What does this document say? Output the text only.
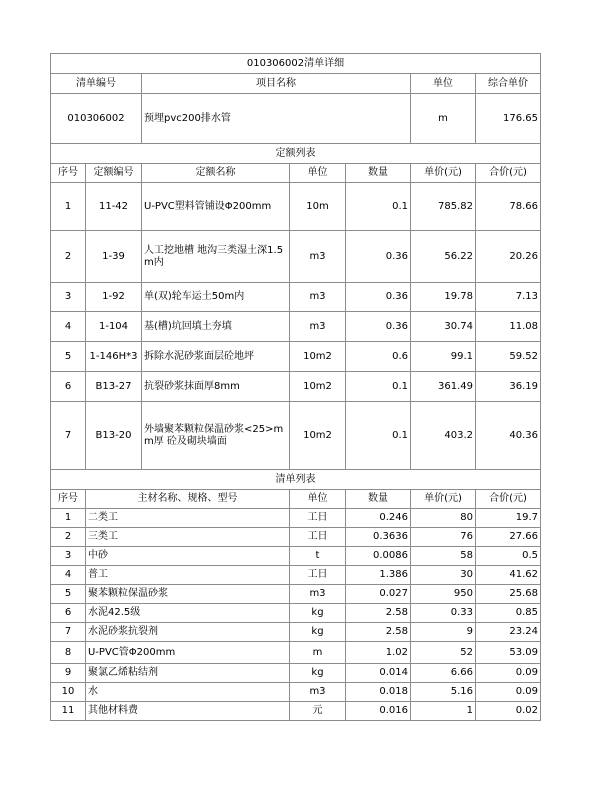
010306002清单详细						
清单编号		项目名称			单位	综合单价
010306002		预埋pvc200排水管			m	176.65
定额列表						
序号	定额编号	定额名称	单位	数量	单价(元)	合价(元)
1	11-42	U-PVC塑料管铺设Φ200mm	10m	0.1	785.82	78.66
2	1-39	人工挖地槽 地沟三类湿土深1.5m内	m3	0.36	56.22	20.26
3	1-92	单(双)轮车运土50m内	m3	0.36	19.78	7.13
4	1-104	基(槽)坑回填土夯填	m3	0.36	30.74	11.08
5	1-146H*3	拆除水泥砂浆面层砼地坪	10m2	0.6	99.1	59.52
6	B13-27	抗裂砂浆抹面厚8mm	10m2	0.1	361.49	36.19
7	B13-20	外墙聚苯颗粒保温砂浆<25>mm厚 砼及砌块墙面	10m2	0.1	403.2	40.36
清单列表						
序号	主材名称、规格、型号		单位	数量	单价(元)	合价(元)
1	二类工		工日	0.246	80	19.7
2	三类工		工日	0.3636	76	27.66
3	中砂		t	0.0086	58	0.5
4	普工		工日	1.386	30	41.62
5	聚苯颗粒保温砂浆		m3	0.027	950	25.68
6	水泥42.5级		kg	2.58	0.33	0.85
7	水泥砂浆抗裂剂		kg	2.58	9	23.24
8	U-PVC管Φ200mm		m	1.02	52	53.09
9	聚氯乙烯粘结剂		kg	0.014	6.66	0.09
10	水		m3	0.018	5.16	0.09
11	其他材料费		元	0.016	1	0.02
